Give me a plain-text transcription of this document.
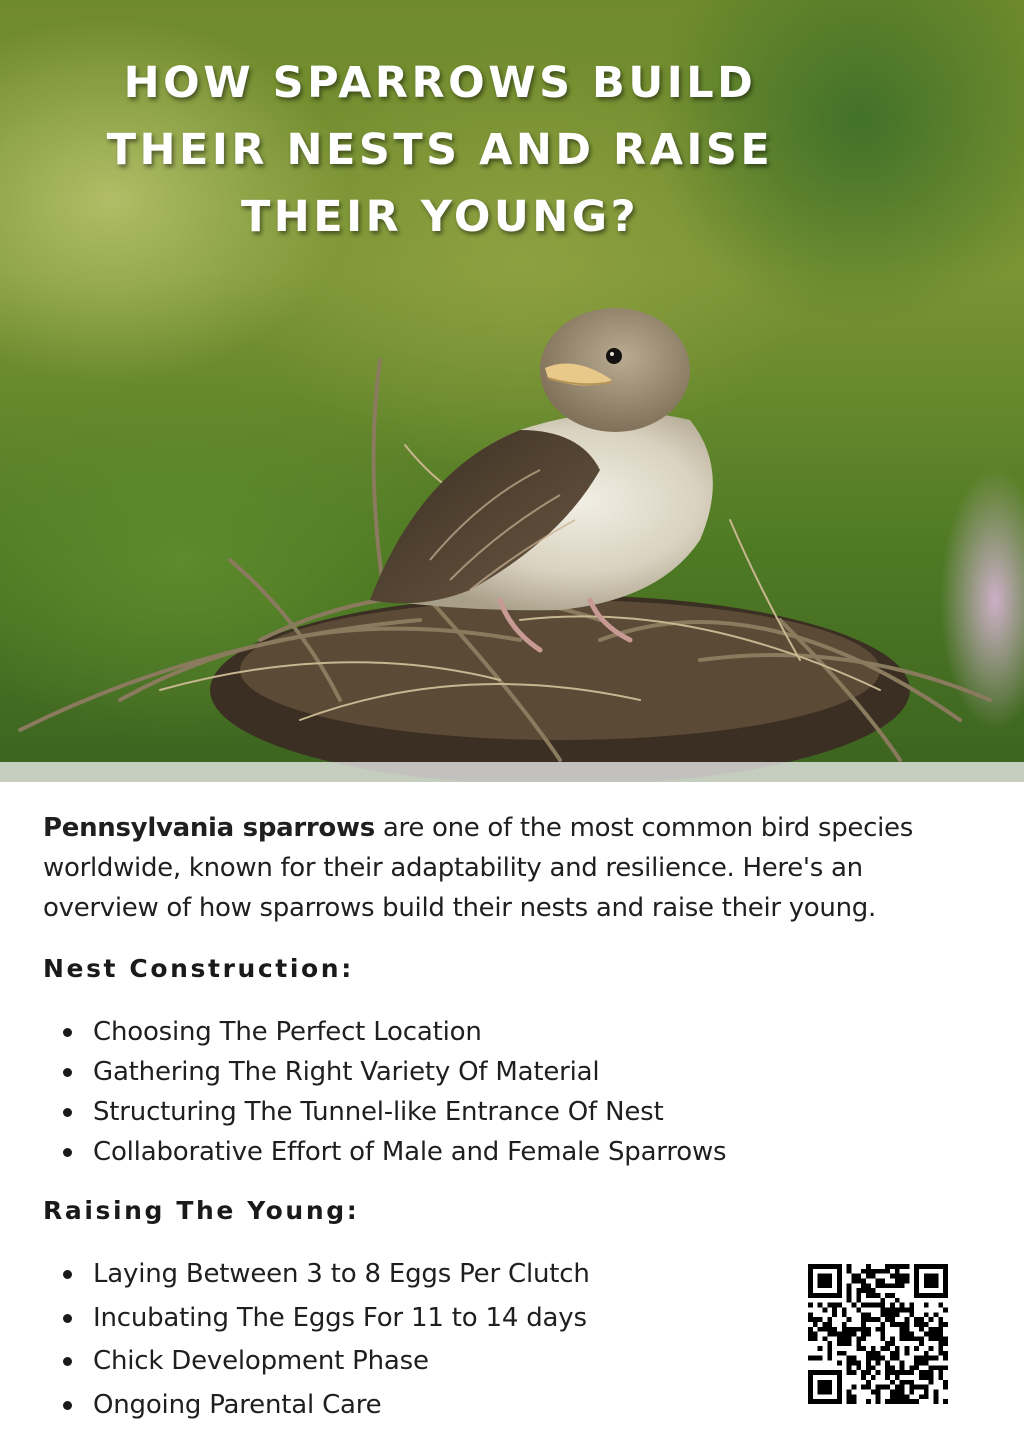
HOW SPARROWS BUILD THEIR NESTS AND RAISE THEIR YOUNG?

Pennsylvania sparrows are one of the most common bird species worldwide, known for their adaptability and resilience. Here's an overview of how sparrows build their nests and raise their young.

Nest Construction:
Choosing The Perfect Location
Gathering The Right Variety Of Material
Structuring The Tunnel-like Entrance Of Nest
Collaborative Effort of Male and Female Sparrows
Raising The Young:
Laying Between 3 to 8 Eggs Per Clutch
Incubating The Eggs For 11 to 14 days
Chick Development Phase
Ongoing Parental Care
